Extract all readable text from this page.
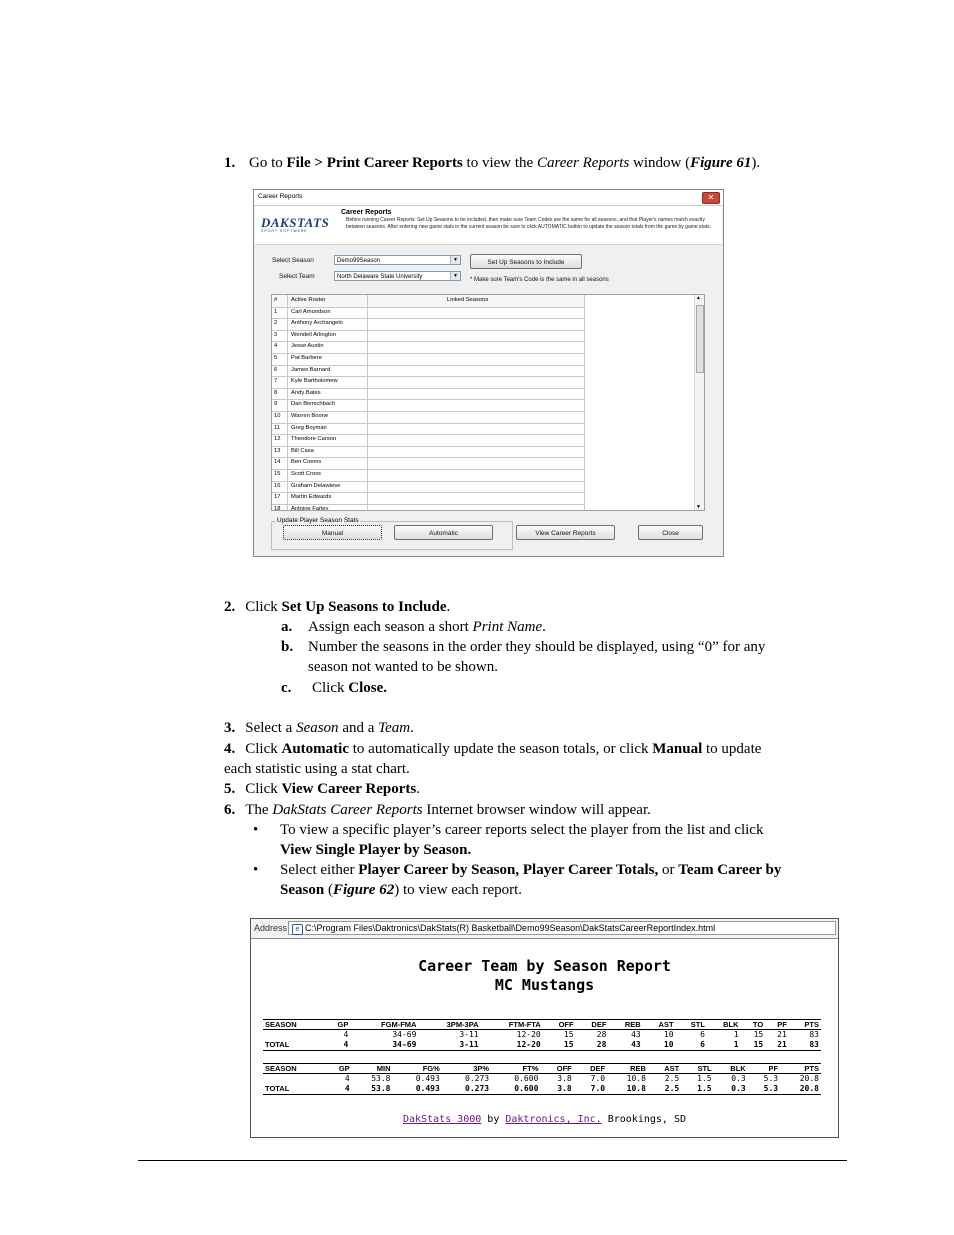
1. Go to File > Print Career Reports to view the Career Reports window (Figure 61).
Career Reports	✕
DAKSTATS
SPORT SOFTWARE
Career Reports
Before running Career Reports: Set Up Seasons to be included, then make sure Team Codes are the same for all seasons, and that Player's names match exactly between seasons. After entering new game stats in the current season be sure to click AUTOMATIC button to update the season totals from the game by game stats.
Select Season	Demo99Season	▼
Select Team	North Delaware State University	▼
Set Up Seasons to Include
* Make sure Team's Code is the same in all seasons
#	Active Roster	Linked Seasons
1	Carl Amundson
2	Anthony Archangelo
3	Wendell Arlington
4	Jesse Austin
5	Pat Barbere
6	James Barnard
7	Kyle Bartholomew
8	Andy Bates
9	Dan Bierschbach
10	Warren Boone
11	Greg Boyman
12	Theodore Carson
13	Bill Casa
14	Ben Coems
15	Scott Cross
16	Graham Delawiese
17	Martin Edwards
18	Antoine Farley
▲
▼
Update Player Season Stats
Manual	Automatic	View Career Reports	Close
2. Click Set Up Seasons to Include.
a. Assign each season a short Print Name.
b. Number the seasons in the order they should be displayed, using “0” for any
season not wanted to be shown.
c. Click Close.
3. Select a Season and a Team.
4. Click Automatic to automatically update the season totals, or click Manual to update
each statistic using a stat chart.
5. Click View Career Reports.
6. The DakStats Career Reports Internet browser window will appear.
• To view a specific player’s career reports select the player from the list and click
View Single Player by Season.
• Select either Player Career by Season, Player Career Totals, or Team Career by
Season (Figure 62) to view each report.
Address	e C:\Program Files\Daktronics\DakStats(R) Basketball\Demo99Season\DakStatsCareerReportIndex.html
Career Team by Season Report
MC Mustangs
SEASON	GP	FGM-FMA	3PM-3PA	FTM-FTA	OFF	DEF	REB	AST	STL	BLK	TO	PF	PTS
	4	34-69	3-11	12-20	15	28	43	10	6	1	15	21	83
TOTAL	4	34-69	3-11	12-20	15	28	43	10	6	1	15	21	83
SEASON	GP	MIN	FG%	3P%	FT%	OFF	DEF	REB	AST	STL	BLK	PF	PTS
	4	53.8	0.493	0.273	0.600	3.8	7.0	10.8	2.5	1.5	0.3	5.3	20.8
TOTAL	4	53.8	0.493	0.273	0.600	3.8	7.0	10.8	2.5	1.5	0.3	5.3	20.8
DakStats 3000 by Daktronics, Inc. Brookings, SD
